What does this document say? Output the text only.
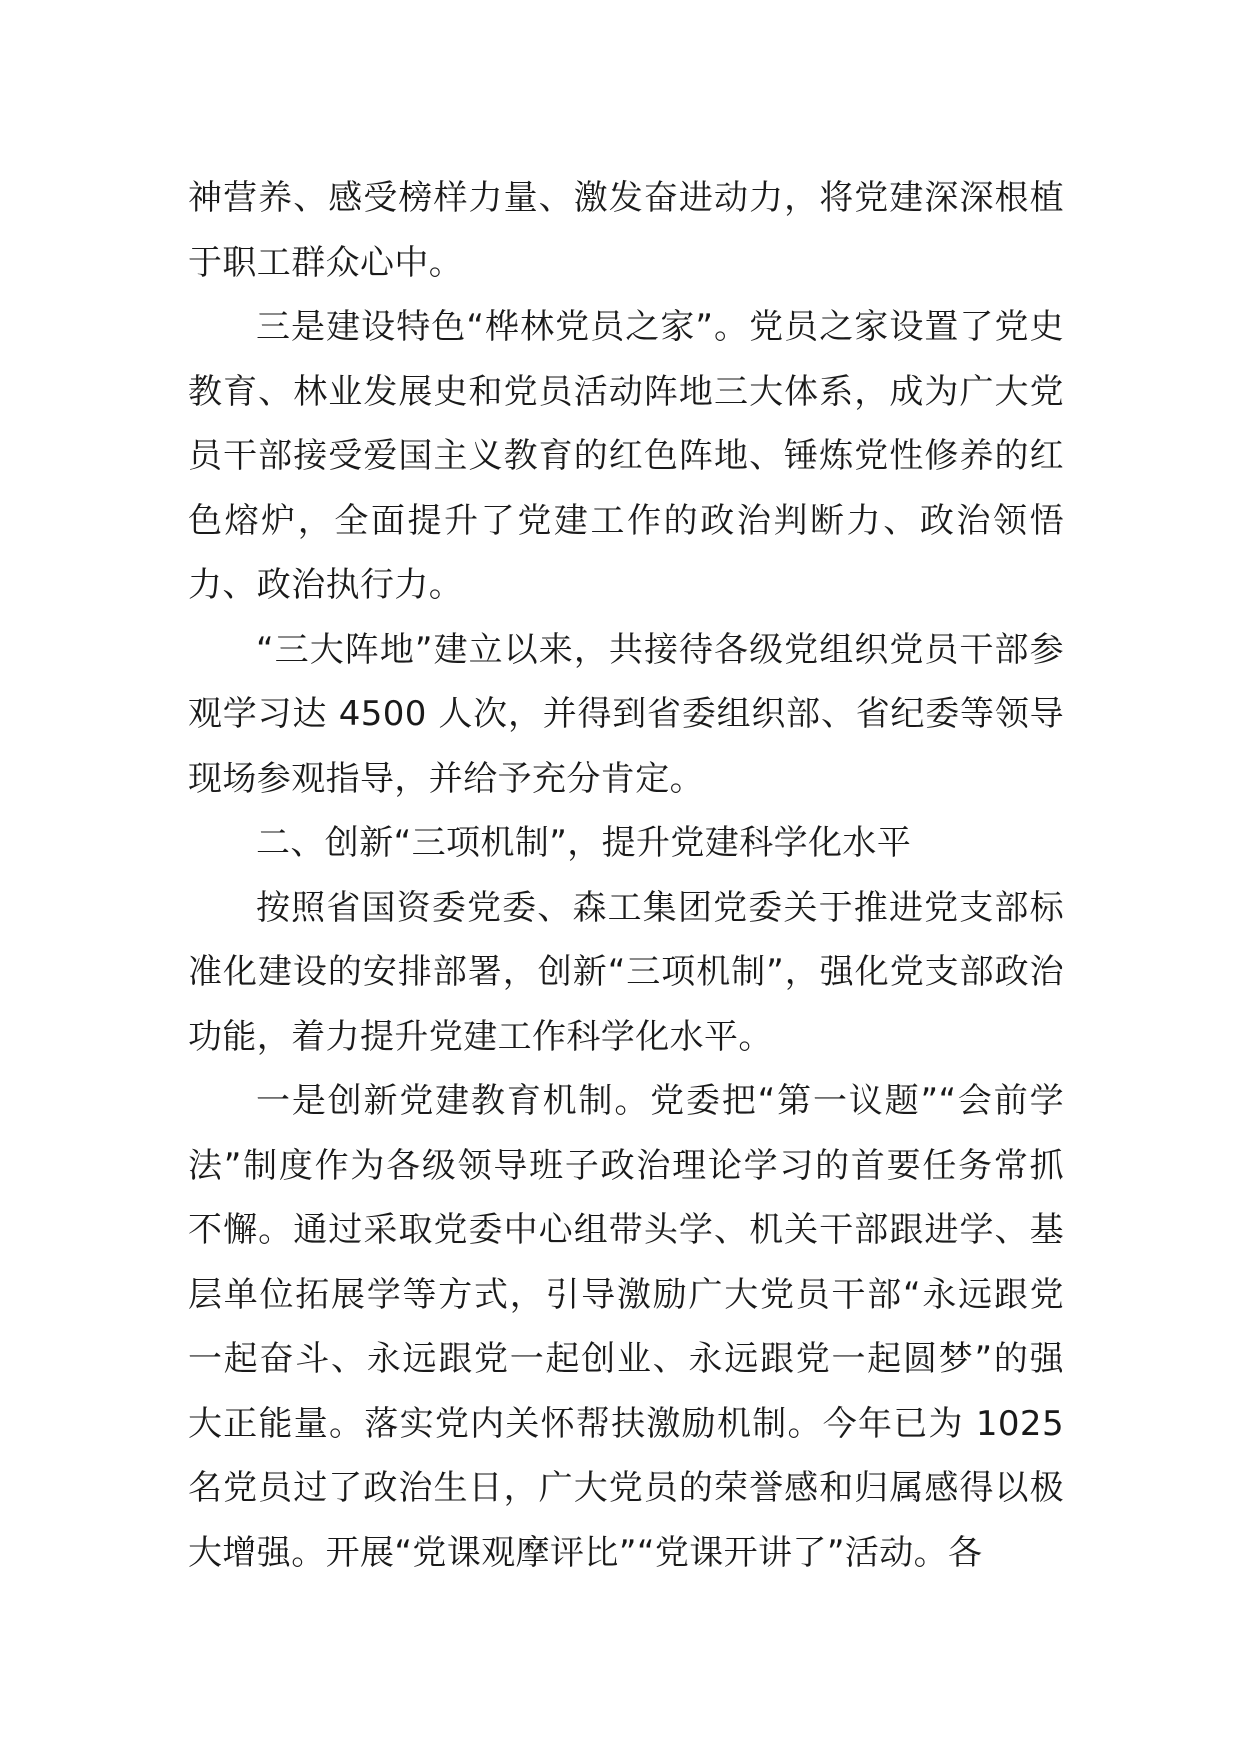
神营养、感受榜样力量、激发奋进动力，将党建深深根植于职工群众心中。

三是建设特色“桦林党员之家”。党员之家设置了党史教育、林业发展史和党员活动阵地三大体系，成为广大党员干部接受爱国主义教育的红色阵地、锤炼党性修养的红色熔炉，全面提升了党建工作的政治判断力、政治领悟力、政治执行力。

“三大阵地”建立以来，共接待各级党组织党员干部参观学习达 4500 人次，并得到省委组织部、省纪委等领导现场参观指导，并给予充分肯定。

二、创新“三项机制”，提升党建科学化水平

按照省国资委党委、森工集团党委关于推进党支部标准化建设的安排部署，创新“三项机制”，强化党支部政治功能，着力提升党建工作科学化水平。

一是创新党建教育机制。党委把“第一议题”“会前学法”制度作为各级领导班子政治理论学习的首要任务常抓不懈。通过采取党委中心组带头学、机关干部跟进学、基层单位拓展学等方式，引导激励广大党员干部“永远跟党一起奋斗、永远跟党一起创业、永远跟党一起圆梦”的强大正能量。落实党内关怀帮扶激励机制。今年已为 1025 名党员过了政治生日，广大党员的荣誉感和归属感得以极大增强。开展“党课观摩评比”“党课开讲了”活动。各
